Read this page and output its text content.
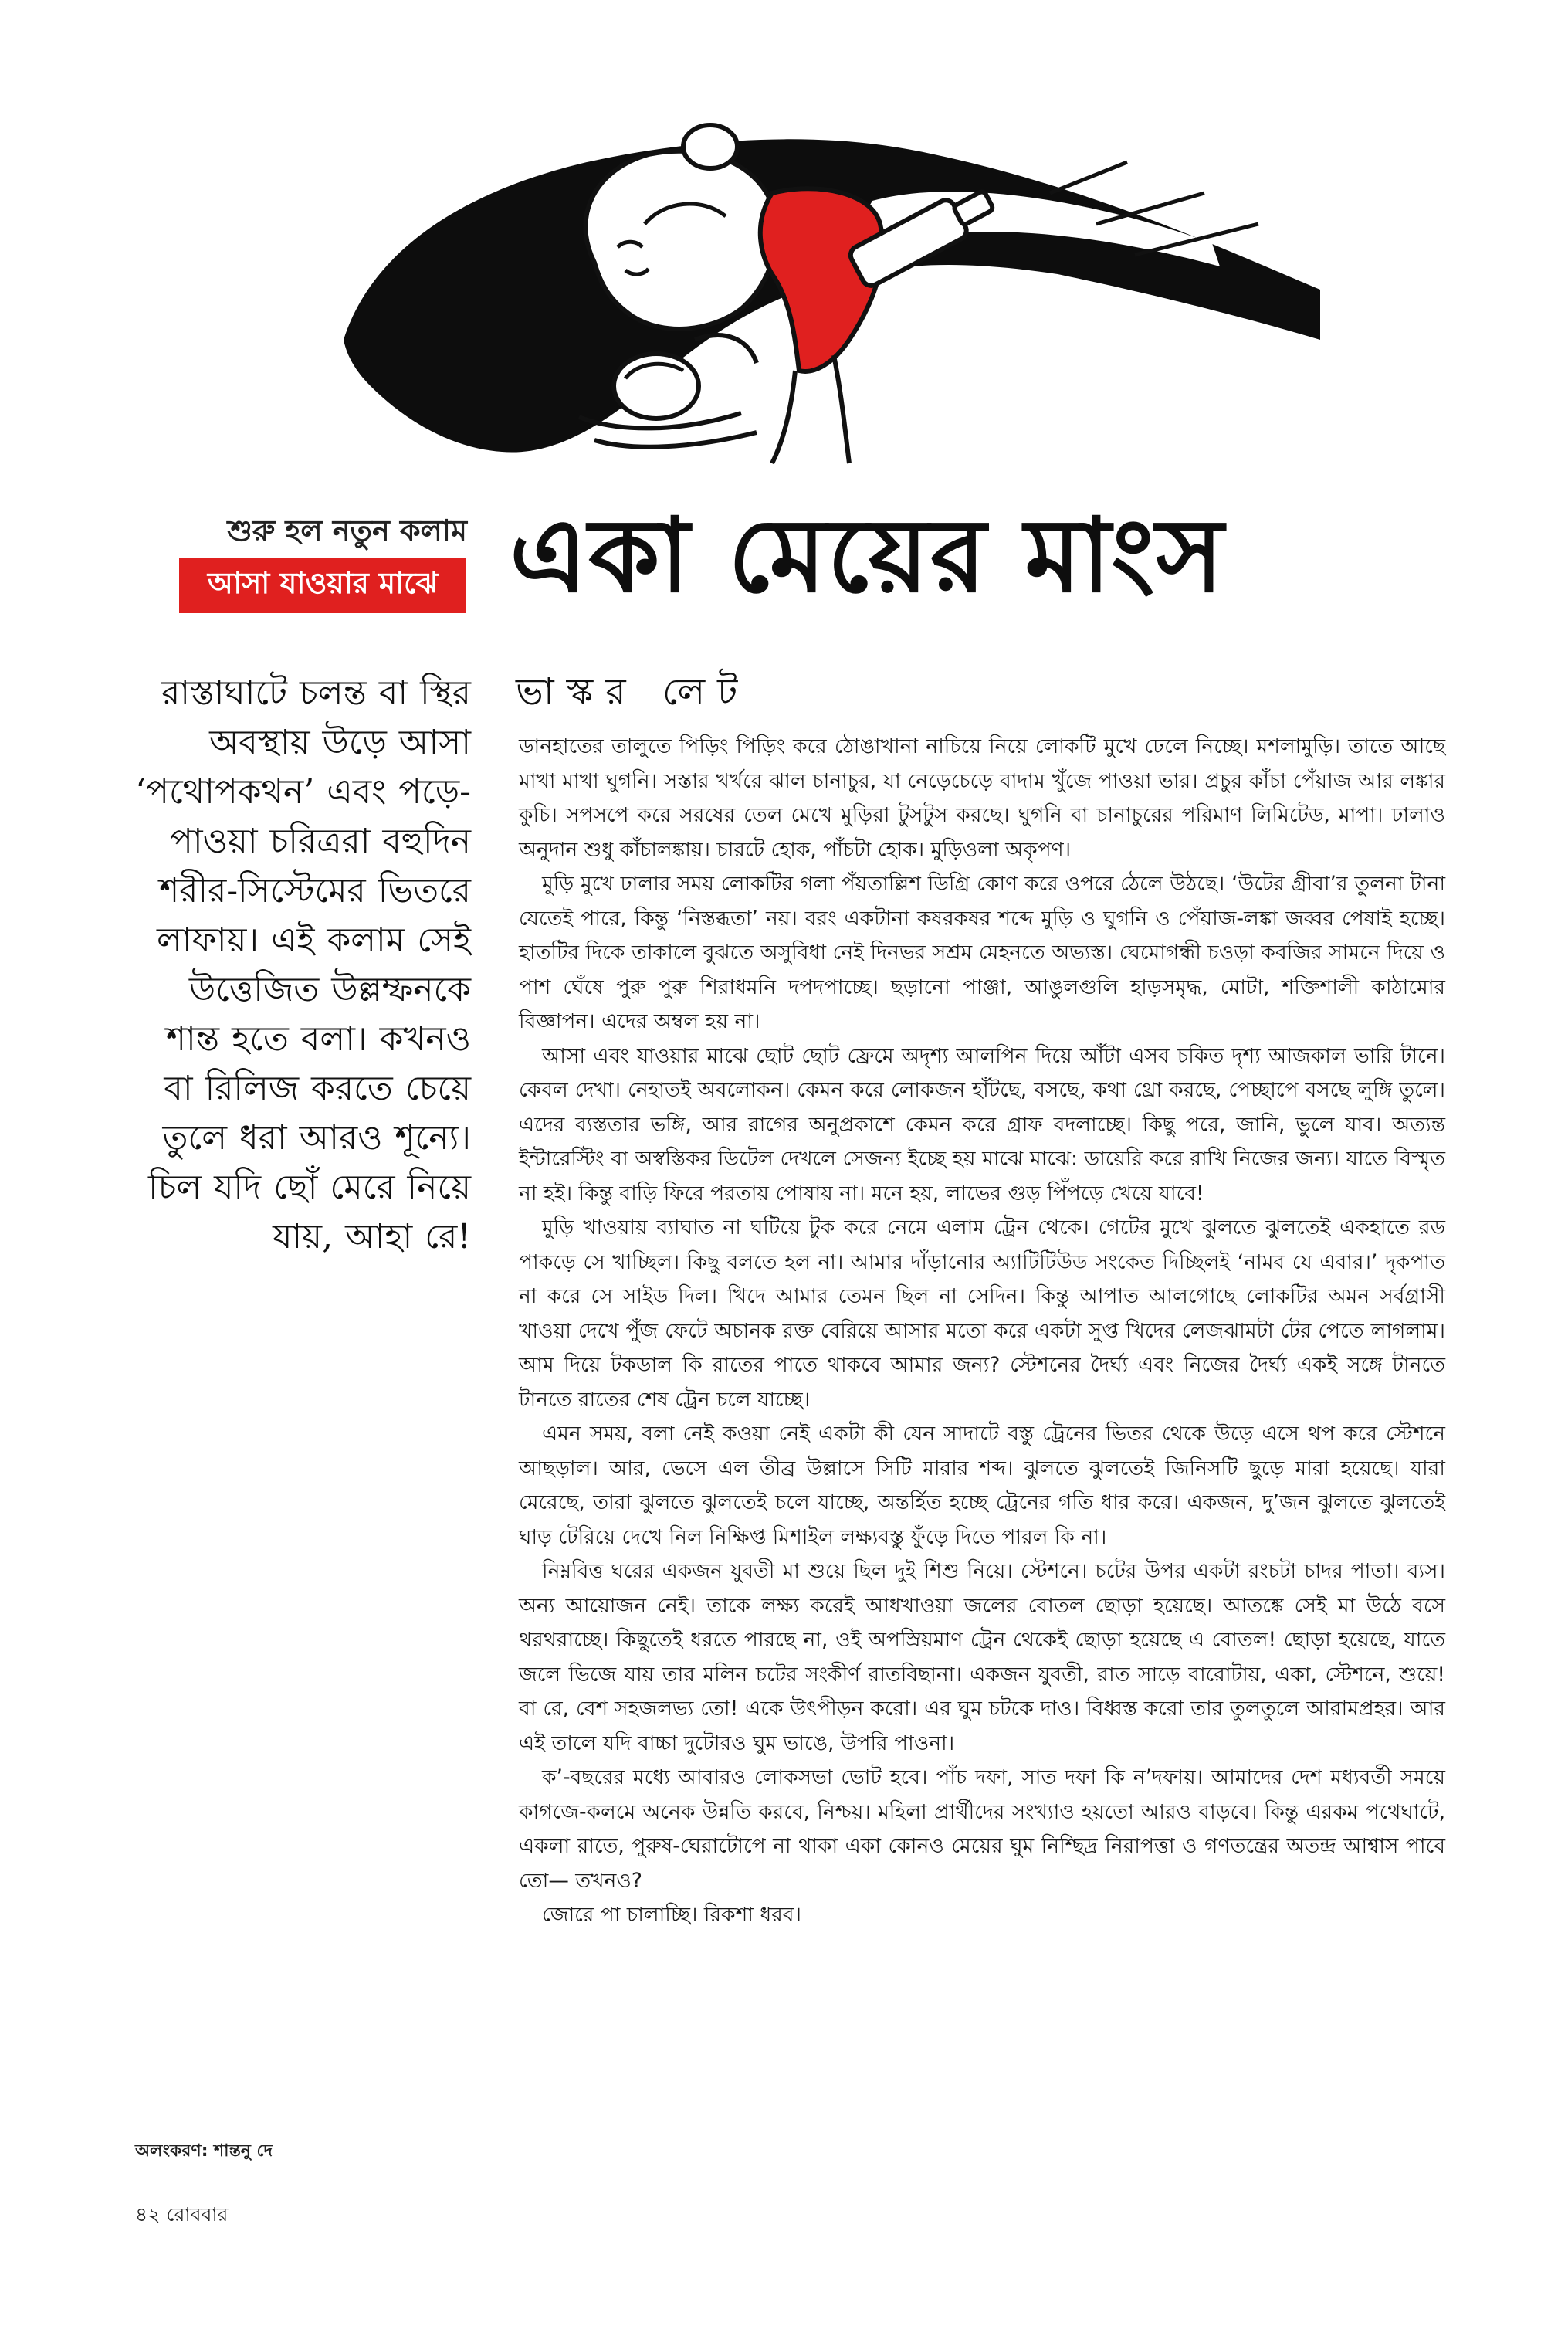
শুরু হল নতুন কলাম
আসা যাওয়ার মাঝে একা মেয়ের মাংস
ভাস্কর লেট

রাস্তাঘাটে চলন্ত বা স্থির অবস্থায় উড়ে আসা ‘পথোপকথন’ এবং পড়ে-পাওয়া চরিত্ররা বহুদিন শরীর-সিস্টেমের ভিতরে লাফায়। এই কলাম সেই উত্তেজিত উল্লম্ফনকে শান্ত হতে বলা। কখনও বা রিলিজ করতে চেয়ে তুলে ধরা আরও শূন্যে। চিল যদি ছোঁ মেরে নিয়ে যায়, আহা রে!

ডানহাতের তালুতে পিড়িং পিড়িং করে ঠোঙাখানা নাচিয়ে নিয়ে লোকটি মুখে ঢেলে নিচ্ছে। মশলামুড়ি। তাতে আছে মাখা মাখা ঘুগনি। সস্তার খর্খরে ঝাল চানাচুর, যা নেড়েচেড়ে বাদাম খুঁজে পাওয়া ভার। প্রচুর কাঁচা পেঁয়াজ আর লঙ্কার কুচি। সপসপে করে সরষের তেল মেখে মুড়িরা টুসটুস করছে। ঘুগনি বা চানাচুরের পরিমাণ লিমিটেড, মাপা। ঢালাও অনুদান শুধু কাঁচালঙ্কায়। চারটে হোক, পাঁচটা হোক। মুড়িওলা অকৃপণ।

মুড়ি মুখে ঢালার সময় লোকটির গলা পঁয়তাল্লিশ ডিগ্রি কোণ করে ওপরে ঠেলে উঠছে। ‘উটের গ্রীবা’র তুলনা টানা যেতেই পারে, কিন্তু ‘নিস্তব্ধতা’ নয়। বরং একটানা কষরকষর শব্দে মুড়ি ও ঘুগনি ও পেঁয়াজ-লঙ্কা জব্বর পেষাই হচ্ছে। হাতটির দিকে তাকালে বুঝতে অসুবিধা নেই দিনভর সশ্রম মেহনতে অভ্যস্ত। ঘেমোগন্ধী চওড়া কবজির সামনে দিয়ে ও পাশ ঘেঁষে পুরু পুরু শিরাধমনি দপদপাচ্ছে। ছড়ানো পাঞ্জা, আঙুলগুলি হাড়সমৃদ্ধ, মোটা, শক্তিশালী কাঠামোর বিজ্ঞাপন। এদের অম্বল হয় না।

আসা এবং যাওয়ার মাঝে ছোট ছোট ফ্রেমে অদৃশ্য আলপিন দিয়ে আঁটা এসব চকিত দৃশ্য আজকাল ভারি টানে। কেবল দেখা। নেহাতই অবলোকন। কেমন করে লোকজন হাঁটছে, বসছে, কথা থ্রো করছে, পেচ্ছাপে বসছে লুঙ্গি তুলে। এদের ব্যস্ততার ভঙ্গি, আর রাগের অনুপ্রকাশে কেমন করে গ্রাফ বদলাচ্ছে। কিছু পরে, জানি, ভুলে যাব। অত্যন্ত ইন্টারেস্টিং বা অস্বস্তিকর ডিটেল দেখলে সেজন্য ইচ্ছে হয় মাঝে মাঝে: ডায়েরি করে রাখি নিজের জন্য। যাতে বিস্মৃত না হই। কিন্তু বাড়ি ফিরে পরতায় পোষায় না। মনে হয়, লাভের গুড় পিঁপড়ে খেয়ে যাবে!

মুড়ি খাওয়ায় ব্যাঘাত না ঘটিয়ে টুক করে নেমে এলাম ট্রেন থেকে। গেটের মুখে ঝুলতে ঝুলতেই একহাতে রড পাকড়ে সে খাচ্ছিল। কিছু বলতে হল না। আমার দাঁড়ানোর অ্যাটিটিউড সংকেত দিচ্ছিলই ‘নামব যে এবার।’ দৃকপাত না করে সে সাইড দিল। খিদে আমার তেমন ছিল না সেদিন। কিন্তু আপাত আলগোছে লোকটির অমন সর্বগ্রাসী খাওয়া দেখে পুঁজ ফেটে অচানক রক্ত বেরিয়ে আসার মতো করে একটা সুপ্ত খিদের লেজঝামটা টের পেতে লাগলাম। আম দিয়ে টকডাল কি রাতের পাতে থাকবে আমার জন্য? স্টেশনের দৈর্ঘ্য এবং নিজের দৈর্ঘ্য একই সঙ্গে টানতে টানতে রাতের শেষ ট্রেন চলে যাচ্ছে।

এমন সময়, বলা নেই কওয়া নেই একটা কী যেন সাদাটে বস্তু ট্রেনের ভিতর থেকে উড়ে এসে থপ করে স্টেশনে আছড়াল। আর, ভেসে এল তীব্র উল্লাসে সিটি মারার শব্দ। ঝুলতে ঝুলতেই জিনিসটি ছুড়ে মারা হয়েছে। যারা মেরেছে, তারা ঝুলতে ঝুলতেই চলে যাচ্ছে, অন্তর্হিত হচ্ছে ট্রেনের গতি ধার করে। একজন, দু’জন ঝুলতে ঝুলতেই ঘাড় টেরিয়ে দেখে নিল নিক্ষিপ্ত মিশাইল লক্ষ্যবস্তু ফুঁড়ে দিতে পারল কি না।

নিম্নবিত্ত ঘরের একজন যুবতী মা শুয়ে ছিল দুই শিশু নিয়ে। স্টেশনে। চটের উপর একটা রংচটা চাদর পাতা। ব্যস। অন্য আয়োজন নেই। তাকে লক্ষ্য করেই আধখাওয়া জলের বোতল ছোড়া হয়েছে। আতঙ্কে সেই মা উঠে বসে থরথরাচ্ছে। কিছুতেই ধরতে পারছে না, ওই অপস্রিয়মাণ ট্রেন থেকেই ছোড়া হয়েছে এ বোতল! ছোড়া হয়েছে, যাতে জলে ভিজে যায় তার মলিন চটের সংকীর্ণ রাতবিছানা। একজন যুবতী, রাত সাড়ে বারোটায়, একা, স্টেশনে, শুয়ে! বা রে, বেশ সহজলভ্য তো! একে উৎপীড়ন করো। এর ঘুম চটকে দাও। বিধ্বস্ত করো তার তুলতুলে আরামপ্রহর। আর এই তালে যদি বাচ্চা দুটোরও ঘুম ভাঙে, উপরি পাওনা।

ক’-বছরের মধ্যে আবারও লোকসভা ভোট হবে। পাঁচ দফা, সাত দফা কি ন’দফায়। আমাদের দেশ মধ্যবর্তী সময়ে কাগজে-কলমে অনেক উন্নতি করবে, নিশ্চয়। মহিলা প্রার্থীদের সংখ্যাও হয়তো আরও বাড়বে। কিন্তু এরকম পথেঘাটে, একলা রাতে, পুরুষ-ঘেরাটোপে না থাকা একা কোনও মেয়ের ঘুম নিশ্ছিদ্র নিরাপত্তা ও গণতন্ত্রের অতন্দ্র আশ্বাস পাবে তো— তখনও?

জোরে পা চালাচ্ছি। রিকশা ধরব।

অলংকরণ: শান্তনু দে
৪২ রোববার
